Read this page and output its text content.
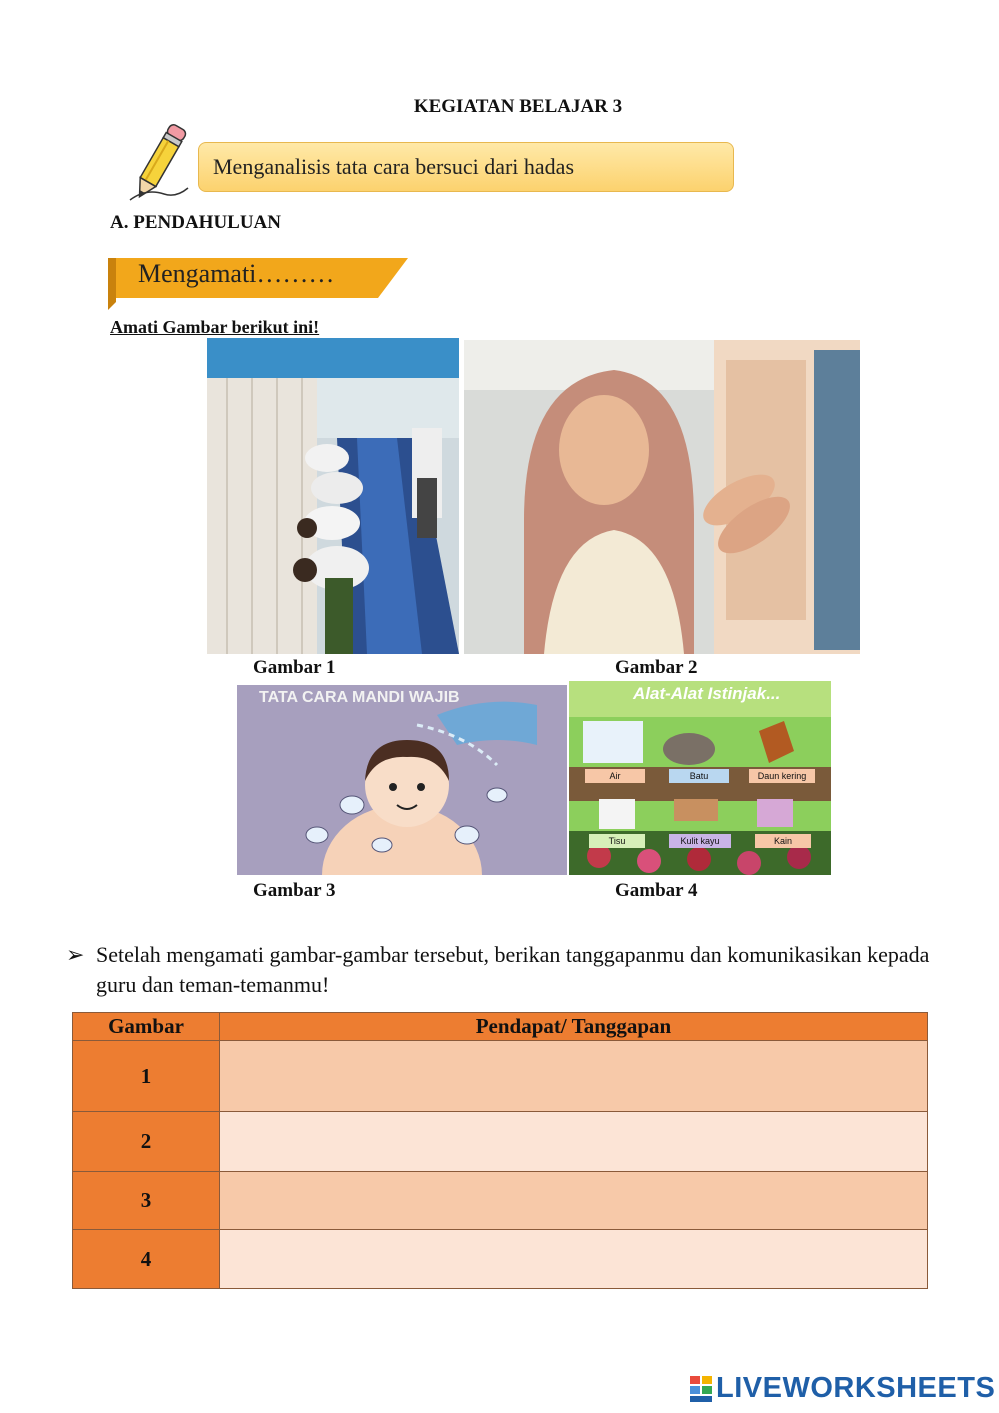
KEGIATAN BELAJAR 3
Menganalisis tata cara bersuci dari hadas
A. PENDAHULUAN
Mengamati………
Amati Gambar berikut ini!
Gambar 1	Gambar 2
TATA CARA MANDI WAJIB	Alat-Alat Istinjak...
Air	Batu	Daun kering
Tisu	Kulit kayu	Kain
Gambar 3	Gambar 4
➢ Setelah mengamati gambar-gambar tersebut, berikan tanggapanmu dan komunikasikan kepada guru dan teman-temanmu!
Gambar	Pendapat/ Tanggapan
1	
2	
3	
4	
LIVEWORKSHEETS
